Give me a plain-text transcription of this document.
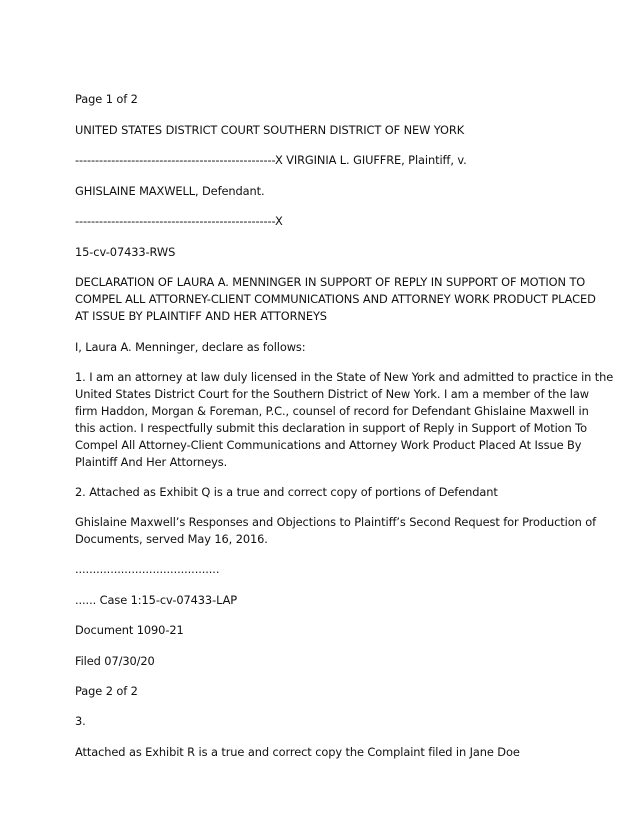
Page 1 of 2

UNITED STATES DISTRICT COURT SOUTHERN DISTRICT OF NEW YORK

--------------------------------------------------X VIRGINIA L. GIUFFRE, Plaintiff, v.

GHISLAINE MAXWELL, Defendant.

--------------------------------------------------X

15-cv-07433-RWS

DECLARATION OF LAURA A. MENNINGER IN SUPPORT OF REPLY IN SUPPORT OF MOTION TO

COMPEL ALL ATTORNEY-CLIENT COMMUNICATIONS AND ATTORNEY WORK PRODUCT PLACED

AT ISSUE BY PLAINTIFF AND HER ATTORNEYS

I, Laura A. Menninger, declare as follows:

1. I am an attorney at law duly licensed in the State of New York and admitted to practice in the

United States District Court for the Southern District of New York. I am a member of the law

firm Haddon, Morgan & Foreman, P.C., counsel of record for Defendant Ghislaine Maxwell in

this action. I respectfully submit this declaration in support of Reply in Support of Motion To

Compel All Attorney-Client Communications and Attorney Work Product Placed At Issue By

Plaintiff And Her Attorneys.

2. Attached as Exhibit Q is a true and correct copy of portions of Defendant

Ghislaine Maxwell’s Responses and Objections to Plaintiff’s Second Request for Production of

Documents, served May 16, 2016.

.........................................

...... Case 1:15-cv-07433-LAP

Document 1090-21

Filed 07/30/20

Page 2 of 2

3.

Attached as Exhibit R is a true and correct copy the Complaint filed in Jane Doe
